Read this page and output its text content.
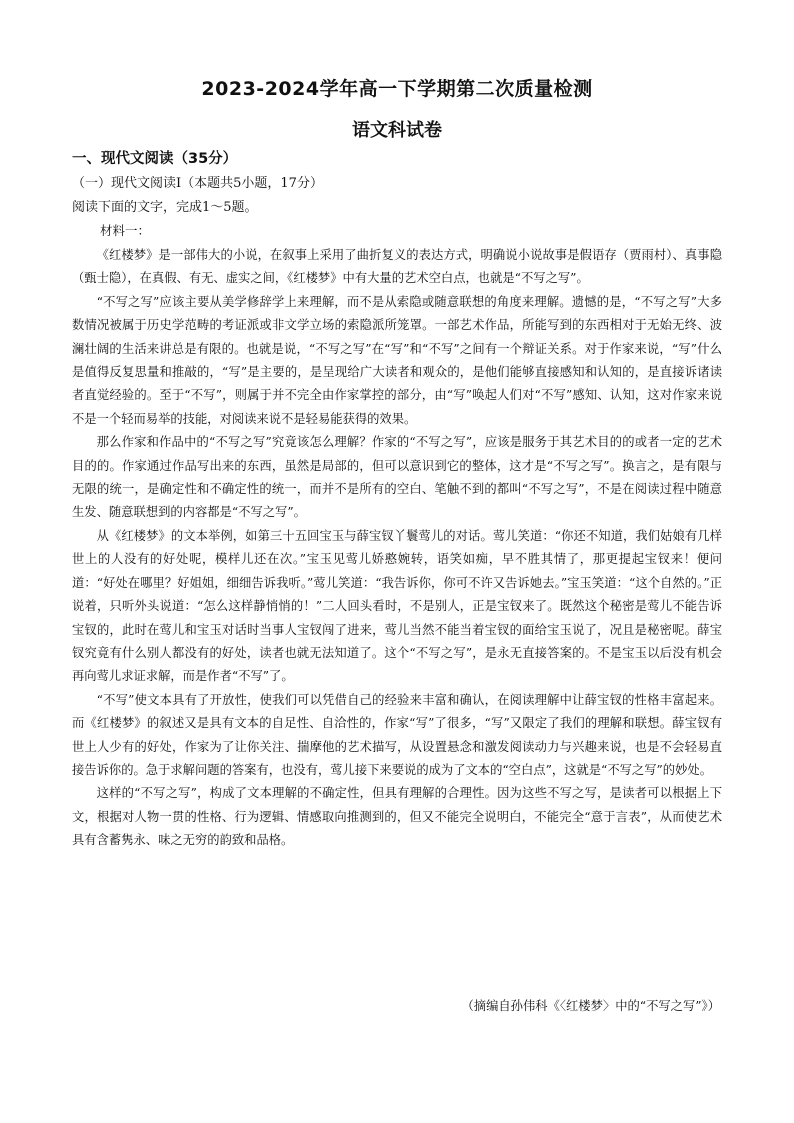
2023-2024学年高一下学期第二次质量检测
语文科试卷

一、现代文阅读（35分）

（一）现代文阅读Ⅰ（本题共5小题，17分）

阅读下面的文字，完成1～5题。

材料一：

《红楼梦》是一部伟大的小说，在叙事上采用了曲折复义的表达方式，明确说小说故事是假语存（贾雨村）、真事隐（甄士隐），在真假、有无、虚实之间，《红楼梦》中有大量的艺术空白点，也就是“不写之写”。

“不写之写”应该主要从美学修辞学上来理解，而不是从索隐或随意联想的角度来理解。遗憾的是，“不写之写”大多数情况被属于历史学范畴的考证派或非文学立场的索隐派所笼罩。一部艺术作品，所能写到的东西相对于无始无终、波澜壮阔的生活来讲总是有限的。也就是说，“不写之写”在“写”和“不写”之间有一个辩证关系。对于作家来说，“写”什么是值得反复思量和推敲的，“写”是主要的，是呈现给广大读者和观众的，是他们能够直接感知和认知的，是直接诉诸读者直觉经验的。至于“不写”，则属于并不完全由作家掌控的部分，由“写”唤起人们对“不写”感知、认知，这对作家来说不是一个轻而易举的技能，对阅读来说不是轻易能获得的效果。

那么作家和作品中的“不写之写”究竟该怎么理解？作家的“不写之写”，应该是服务于其艺术目的的或者一定的艺术目的的。作家通过作品写出来的东西，虽然是局部的，但可以意识到它的整体，这才是“不写之写”。换言之，是有限与无限的统一，是确定性和不确定性的统一，而并不是所有的空白、笔触不到的都叫“不写之写”，不是在阅读过程中随意生发、随意联想到的内容都是“不写之写”。

从《红楼梦》的文本举例，如第三十五回宝玉与薛宝钗丫鬟莺儿的对话。莺儿笑道：“你还不知道，我们姑娘有几样世上的人没有的好处呢，模样儿还在次。”宝玉见莺儿娇憨婉转，语笑如痴，早不胜其情了，那更提起宝钗来！便问道：“好处在哪里？好姐姐，细细告诉我听。”莺儿笑道：“我告诉你，你可不许又告诉她去。”宝玉笑道：“这个自然的。”正说着，只听外头说道：“怎么这样静悄悄的！”二人回头看时，不是别人，正是宝钗来了。既然这个秘密是莺儿不能告诉宝钗的，此时在莺儿和宝玉对话时当事人宝钗闯了进来，莺儿当然不能当着宝钗的面给宝玉说了，况且是秘密呢。薛宝钗究竟有什么别人都没有的好处，读者也就无法知道了。这个“不写之写”，是永无直接答案的。不是宝玉以后没有机会再向莺儿求证求解，而是作者“不写”了。

“不写”使文本具有了开放性，使我们可以凭借自己的经验来丰富和确认，在阅读理解中让薛宝钗的性格丰富起来。而《红楼梦》的叙述又是具有文本的自足性、自洽性的，作家“写”了很多，“写”又限定了我们的理解和联想。薛宝钗有世上人少有的好处，作家为了让你关注、揣摩他的艺术描写，从设置悬念和激发阅读动力与兴趣来说，也是不会轻易直接告诉你的。急于求解问题的答案有，也没有，莺儿接下来要说的成为了文本的“空白点”，这就是“不写之写”的妙处。

这样的“不写之写”，构成了文本理解的不确定性，但具有理解的合理性。因为这些不写之写，是读者可以根据上下文，根据对人物一贯的性格、行为逻辑、情感取向推测到的，但又不能完全说明白，不能完全“意于言表”，从而使艺术具有含蓄隽永、味之无穷的韵致和品格。

（摘编自孙伟科《〈红楼梦〉中的“不写之写”》）
